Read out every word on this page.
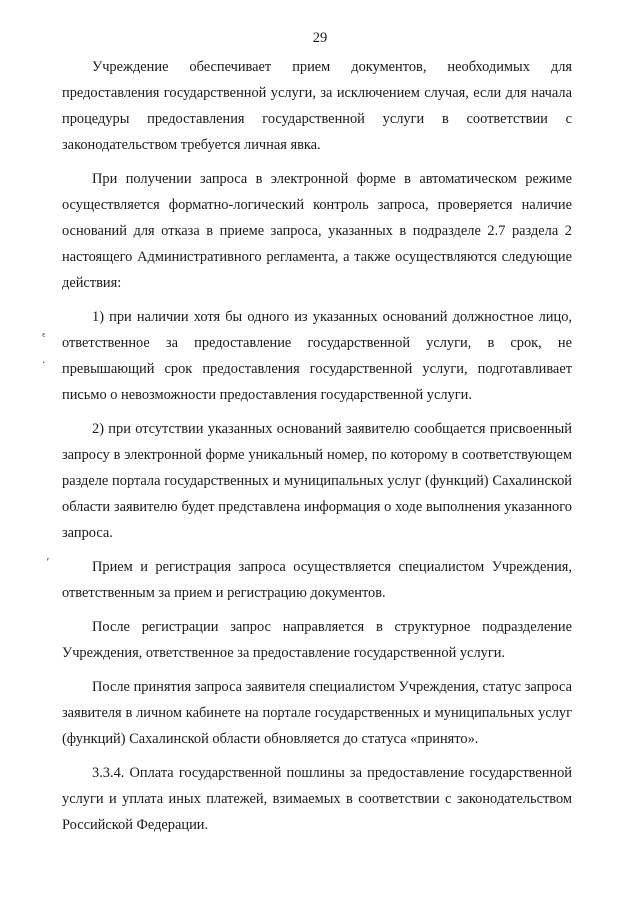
29

Учреждение обеспечивает прием документов, необходимых для предоставления государственной услуги, за исключением случая, если для начала процедуры предоставления государственной услуги в соответствии с законодательством требуется личная явка.

При получении запроса в электронной форме в автоматическом режиме осуществляется форматно-логический контроль запроса, проверяется наличие оснований для отказа в приеме запроса, указанных в подразделе 2.7 раздела 2 настоящего Административного регламента, а также осуществляются следующие действия:

1) при наличии хотя бы одного из указанных оснований должностное лицо, ответственное за предоставление государственной услуги, в срок, не превышающий срок предоставления государственной услуги, подготавливает письмо о невозможности предоставления государственной услуги.

2) при отсутствии указанных оснований заявителю сообщается присвоенный запросу в электронной форме уникальный номер, по которому в соответствующем разделе портала государственных и муниципальных услуг (функций) Сахалинской области заявителю будет представлена информация о ходе выполнения указанного запроса.

Прием и регистрация запроса осуществляется специалистом Учреждения, ответственным за прием и регистрацию документов.

После регистрации запрос направляется в структурное подразделение Учреждения, ответственное за предоставление государственной услуги.

После принятия запроса заявителя специалистом Учреждения, статус запроса заявителя в личном кабинете на портале государственных и муниципальных услуг (функций) Сахалинской области обновляется до статуса «принято».

3.3.4. Оплата государственной пошлины за предоставление государственной услуги и уплата иных платежей, взимаемых в соответствии с законодательством Российской Федерации.

ᵋ
·
ʼ
